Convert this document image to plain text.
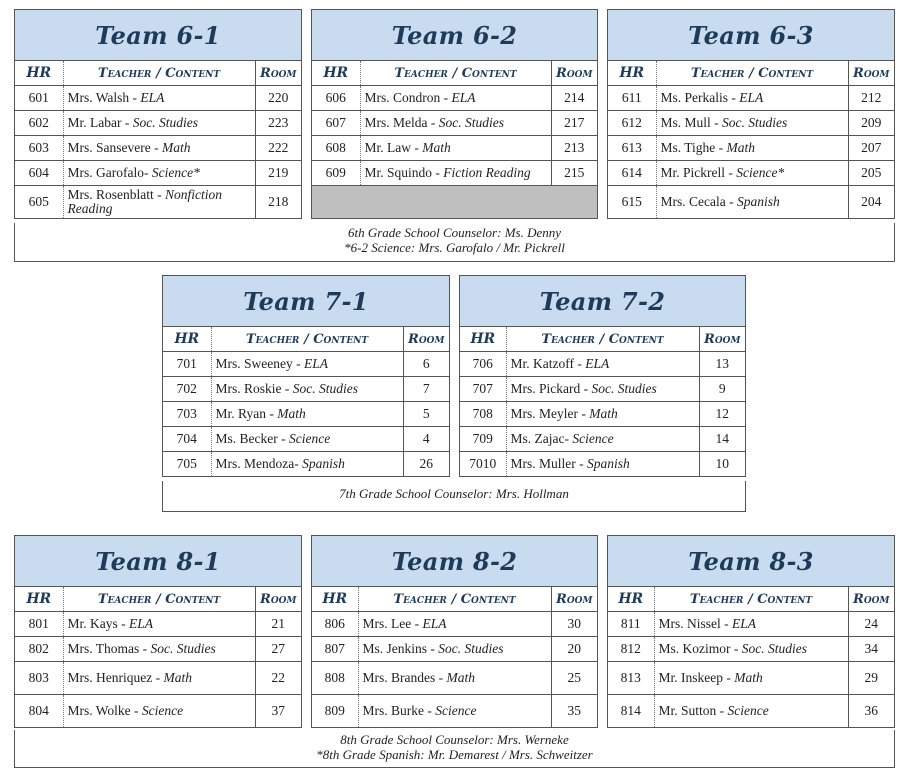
Team 6-1
HR	Teacher / Content	Room
601	Mrs. Walsh - ELA	220
602	Mr. Labar - Soc. Studies	223
603	Mrs. Sansevere - Math	222
604	Mrs. Garofalo- Science*	219
605	Mrs. Rosenblatt - Nonfiction Reading	218
Team 6-2
HR	Teacher / Content	Room
606	Mrs. Condron - ELA	214
607	Mrs. Melda - Soc. Studies	217
608	Mr. Law - Math	213
609	Mr. Squindo - Fiction Reading	215

Team 6-3
HR	Teacher / Content	Room
611	Ms. Perkalis - ELA	212
612	Ms. Mull - Soc. Studies	209
613	Ms. Tighe - Math	207
614	Mr. Pickrell - Science*	205
615	Mrs. Cecala - Spanish	204
6th Grade School Counselor: Ms. Denny
*6-2 Science: Mrs. Garofalo / Mr. Pickrell
Team 7-1
HR	Teacher / Content	Room
701	Mrs. Sweeney - ELA	6
702	Mrs. Roskie - Soc. Studies	7
703	Mr. Ryan - Math	5
704	Ms. Becker - Science	4
705	Mrs. Mendoza- Spanish	26
Team 7-2
HR	Teacher / Content	Room
706	Mr. Katzoff - ELA	13
707	Mrs. Pickard - Soc. Studies	9
708	Mrs. Meyler - Math	12
709	Ms. Zajac- Science	14
7010	Mrs. Muller - Spanish	10
7th Grade School Counselor: Mrs. Hollman
Team 8-1
HR	Teacher / Content	Room
801	Mr. Kays - ELA	21
802	Mrs. Thomas - Soc. Studies	27
803	Mrs. Henriquez - Math	22
804	Mrs. Wolke - Science	37
Team 8-2
HR	Teacher / Content	Room
806	Mrs. Lee - ELA	30
807	Ms. Jenkins - Soc. Studies	20
808	Mrs. Brandes - Math	25
809	Mrs. Burke - Science	35
Team 8-3
HR	Teacher / Content	Room
811	Mrs. Nissel - ELA	24
812	Ms. Kozimor - Soc. Studies	34
813	Mr. Inskeep - Math	29
814	Mr. Sutton - Science	36
8th Grade School Counselor: Mrs. Werneke
*8th Grade Spanish: Mr. Demarest / Mrs. Schweitzer
